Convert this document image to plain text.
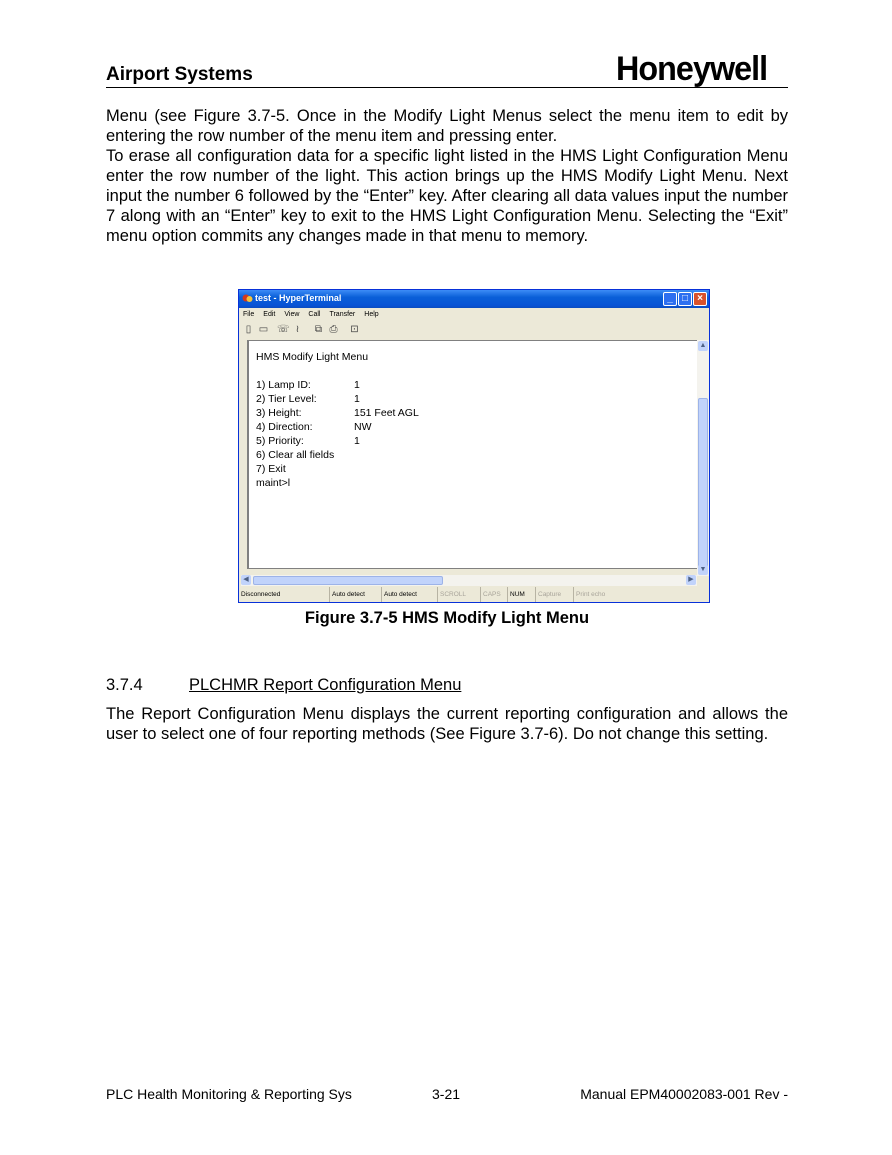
Airport Systems	Honeywell

Menu (see Figure 3.7-5. Once in the Modify Light Menus select the menu item to edit by entering the row number of the menu item and pressing enter.

To erase all configuration data for a specific light listed in the HMS Light Configuration Menu enter the row number of the light. This action brings up the HMS Modify Light Menu. Next input the number 6 followed by the “Enter” key. After clearing all data values input the number 7 along with an “Enter” key to exit to the HMS Light Configuration Menu. Selecting the “Exit” menu option commits any changes made in that menu to memory.

test - HyperTerminal	_ □ ×
File Edit View Call Transfer Help
▯ ▭ ☏ ≀	⧉ ⎙ ⊡
HMS Modify Light Menu
1) Lamp ID:	1
2) Tier Level:	1
3) Height:	151 Feet AGL
4) Direction:	NW
5) Priority:	1
6) Clear all fields
7) Exit
maint>l
▲
▼
◀	▶
Disconnected	Auto detect	Auto detect	SCROLL	CAPS	NUM	Capture	Print echo
Figure 3.7-5 HMS Modify Light Menu
3.7.4	PLCHMR Report Configuration Menu

The Report Configuration Menu displays the current reporting configuration and allows the user to select one of four reporting methods (See Figure 3.7-6). Do not change this setting.

PLC Health Monitoring & Reporting Sys	3-21	Manual EPM40002083-001 Rev -
